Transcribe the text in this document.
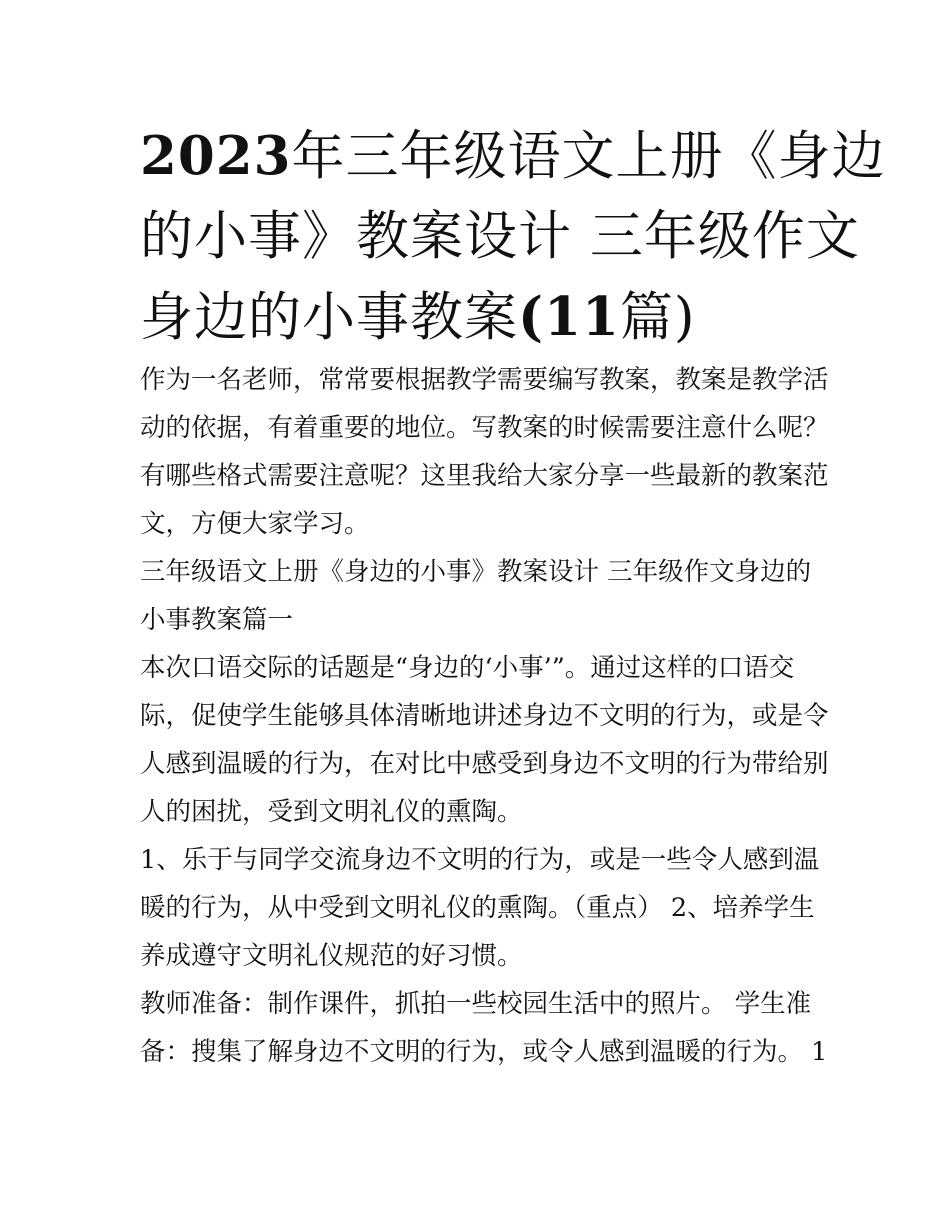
2023年三年级语文上册《身边
的小事》教案设计 三年级作文
身边的小事教案(11篇)
作为一名老师，常常要根据教学需要编写教案，教案是教学活
动的依据，有着重要的地位。写教案的时候需要注意什么呢？
有哪些格式需要注意呢？这里我给大家分享一些最新的教案范
文，方便大家学习。
三年级语文上册《身边的小事》教案设计 三年级作文身边的
小事教案篇一
本次口语交际的话题是“身边的‘小事’”。通过这样的口语交
际，促使学生能够具体清晰地讲述身边不文明的行为，或是令
人感到温暖的行为，在对比中感受到身边不文明的行为带给别
人的困扰，受到文明礼仪的熏陶。
1、乐于与同学交流身边不文明的行为，或是一些令人感到温
暖的行为，从中受到文明礼仪的熏陶。（重点） 2、培养学生
养成遵守文明礼仪规范的好习惯。
教师准备：制作课件，抓拍一些校园生活中的照片。 学生准
备：搜集了解身边不文明的行为，或令人感到温暖的行为。 1
